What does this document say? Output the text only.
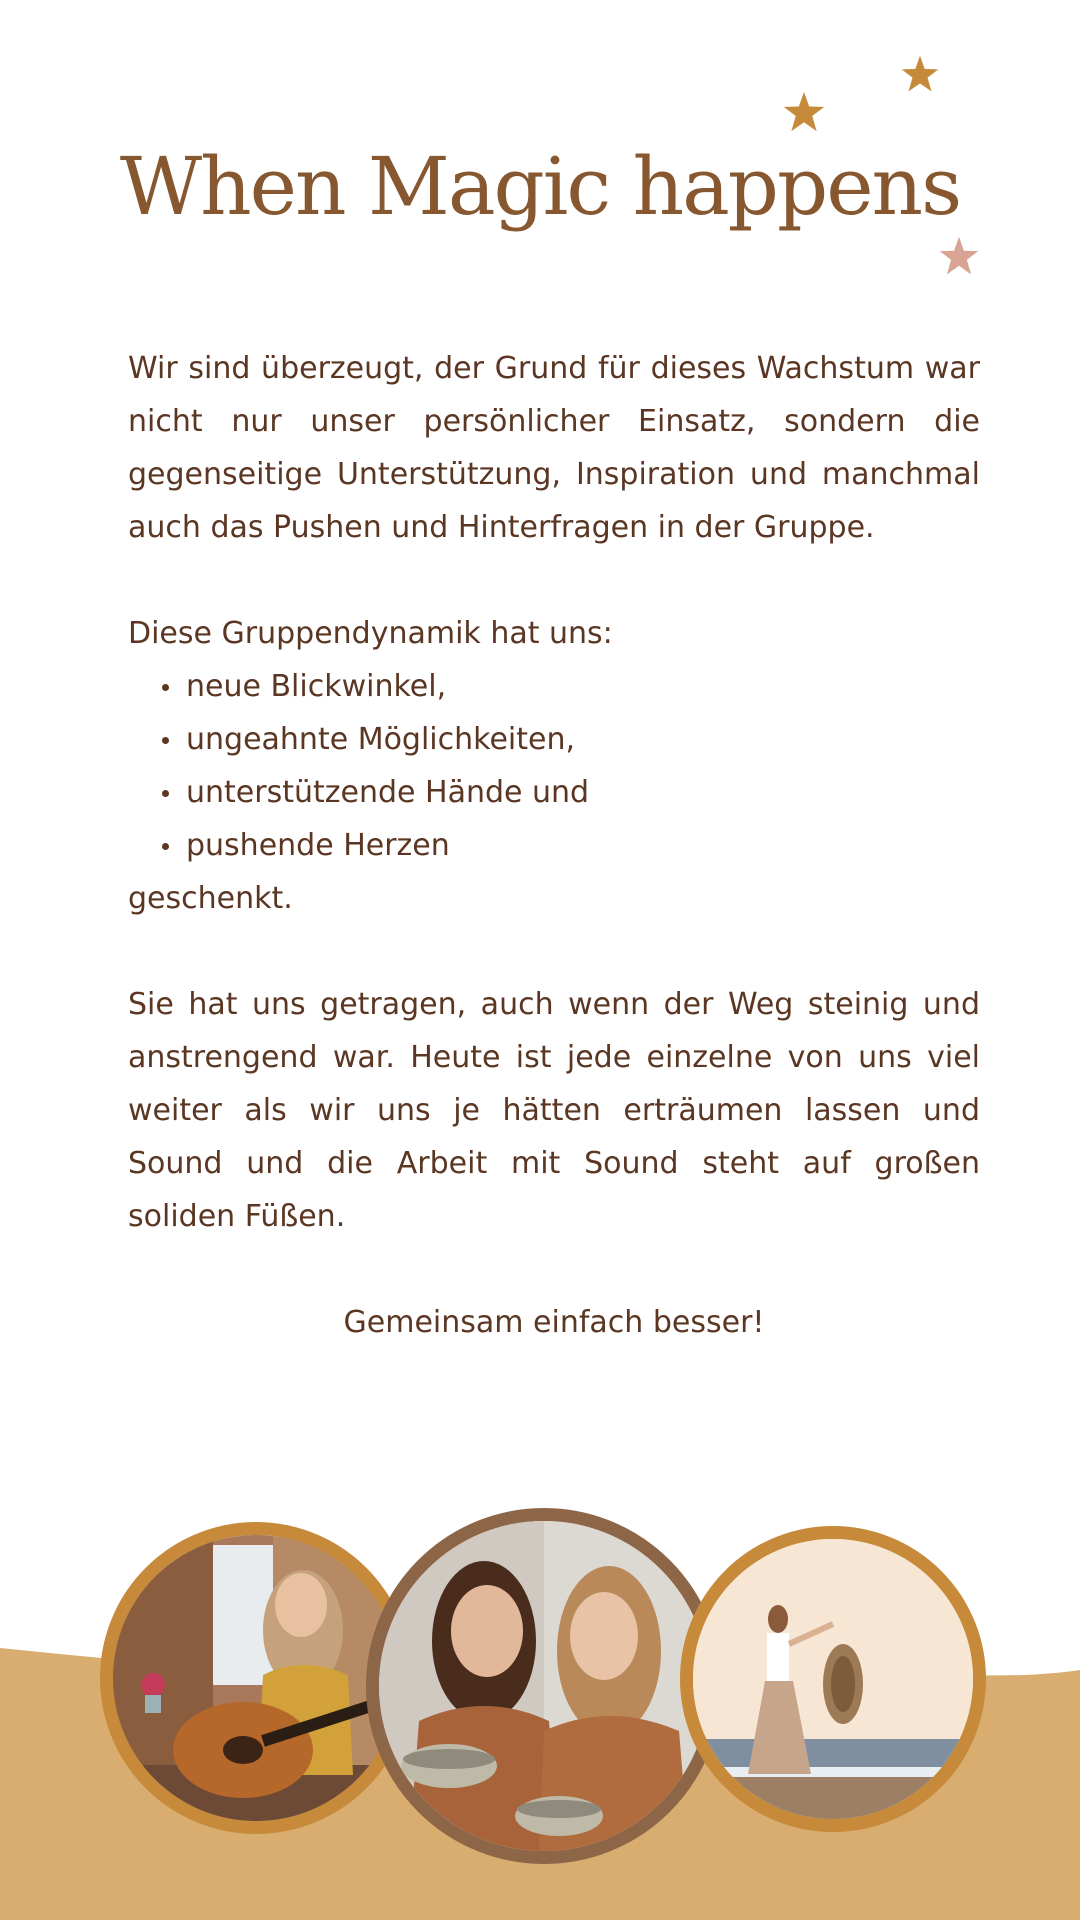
When Magic happens

Wir sind überzeugt, der Grund für dieses Wachstum war nicht nur unser persönlicher Einsatz, sondern die gegenseitige Unterstützung, Inspiration und manchmal auch das Pushen und Hinterfragen in der Gruppe.

Diese Gruppendynamik hat uns:
neue Blickwinkel,
ungeahnte Möglichkeiten,
unterstützende Hände und
pushende Herzen
geschenkt.

Sie hat uns getragen, auch wenn der Weg steinig und anstrengend war. Heute ist jede einzelne von uns viel weiter als wir uns je hätten erträumen lassen und Sound und die Arbeit mit Sound steht auf großen soliden Füßen.

Gemeinsam einfach besser!
